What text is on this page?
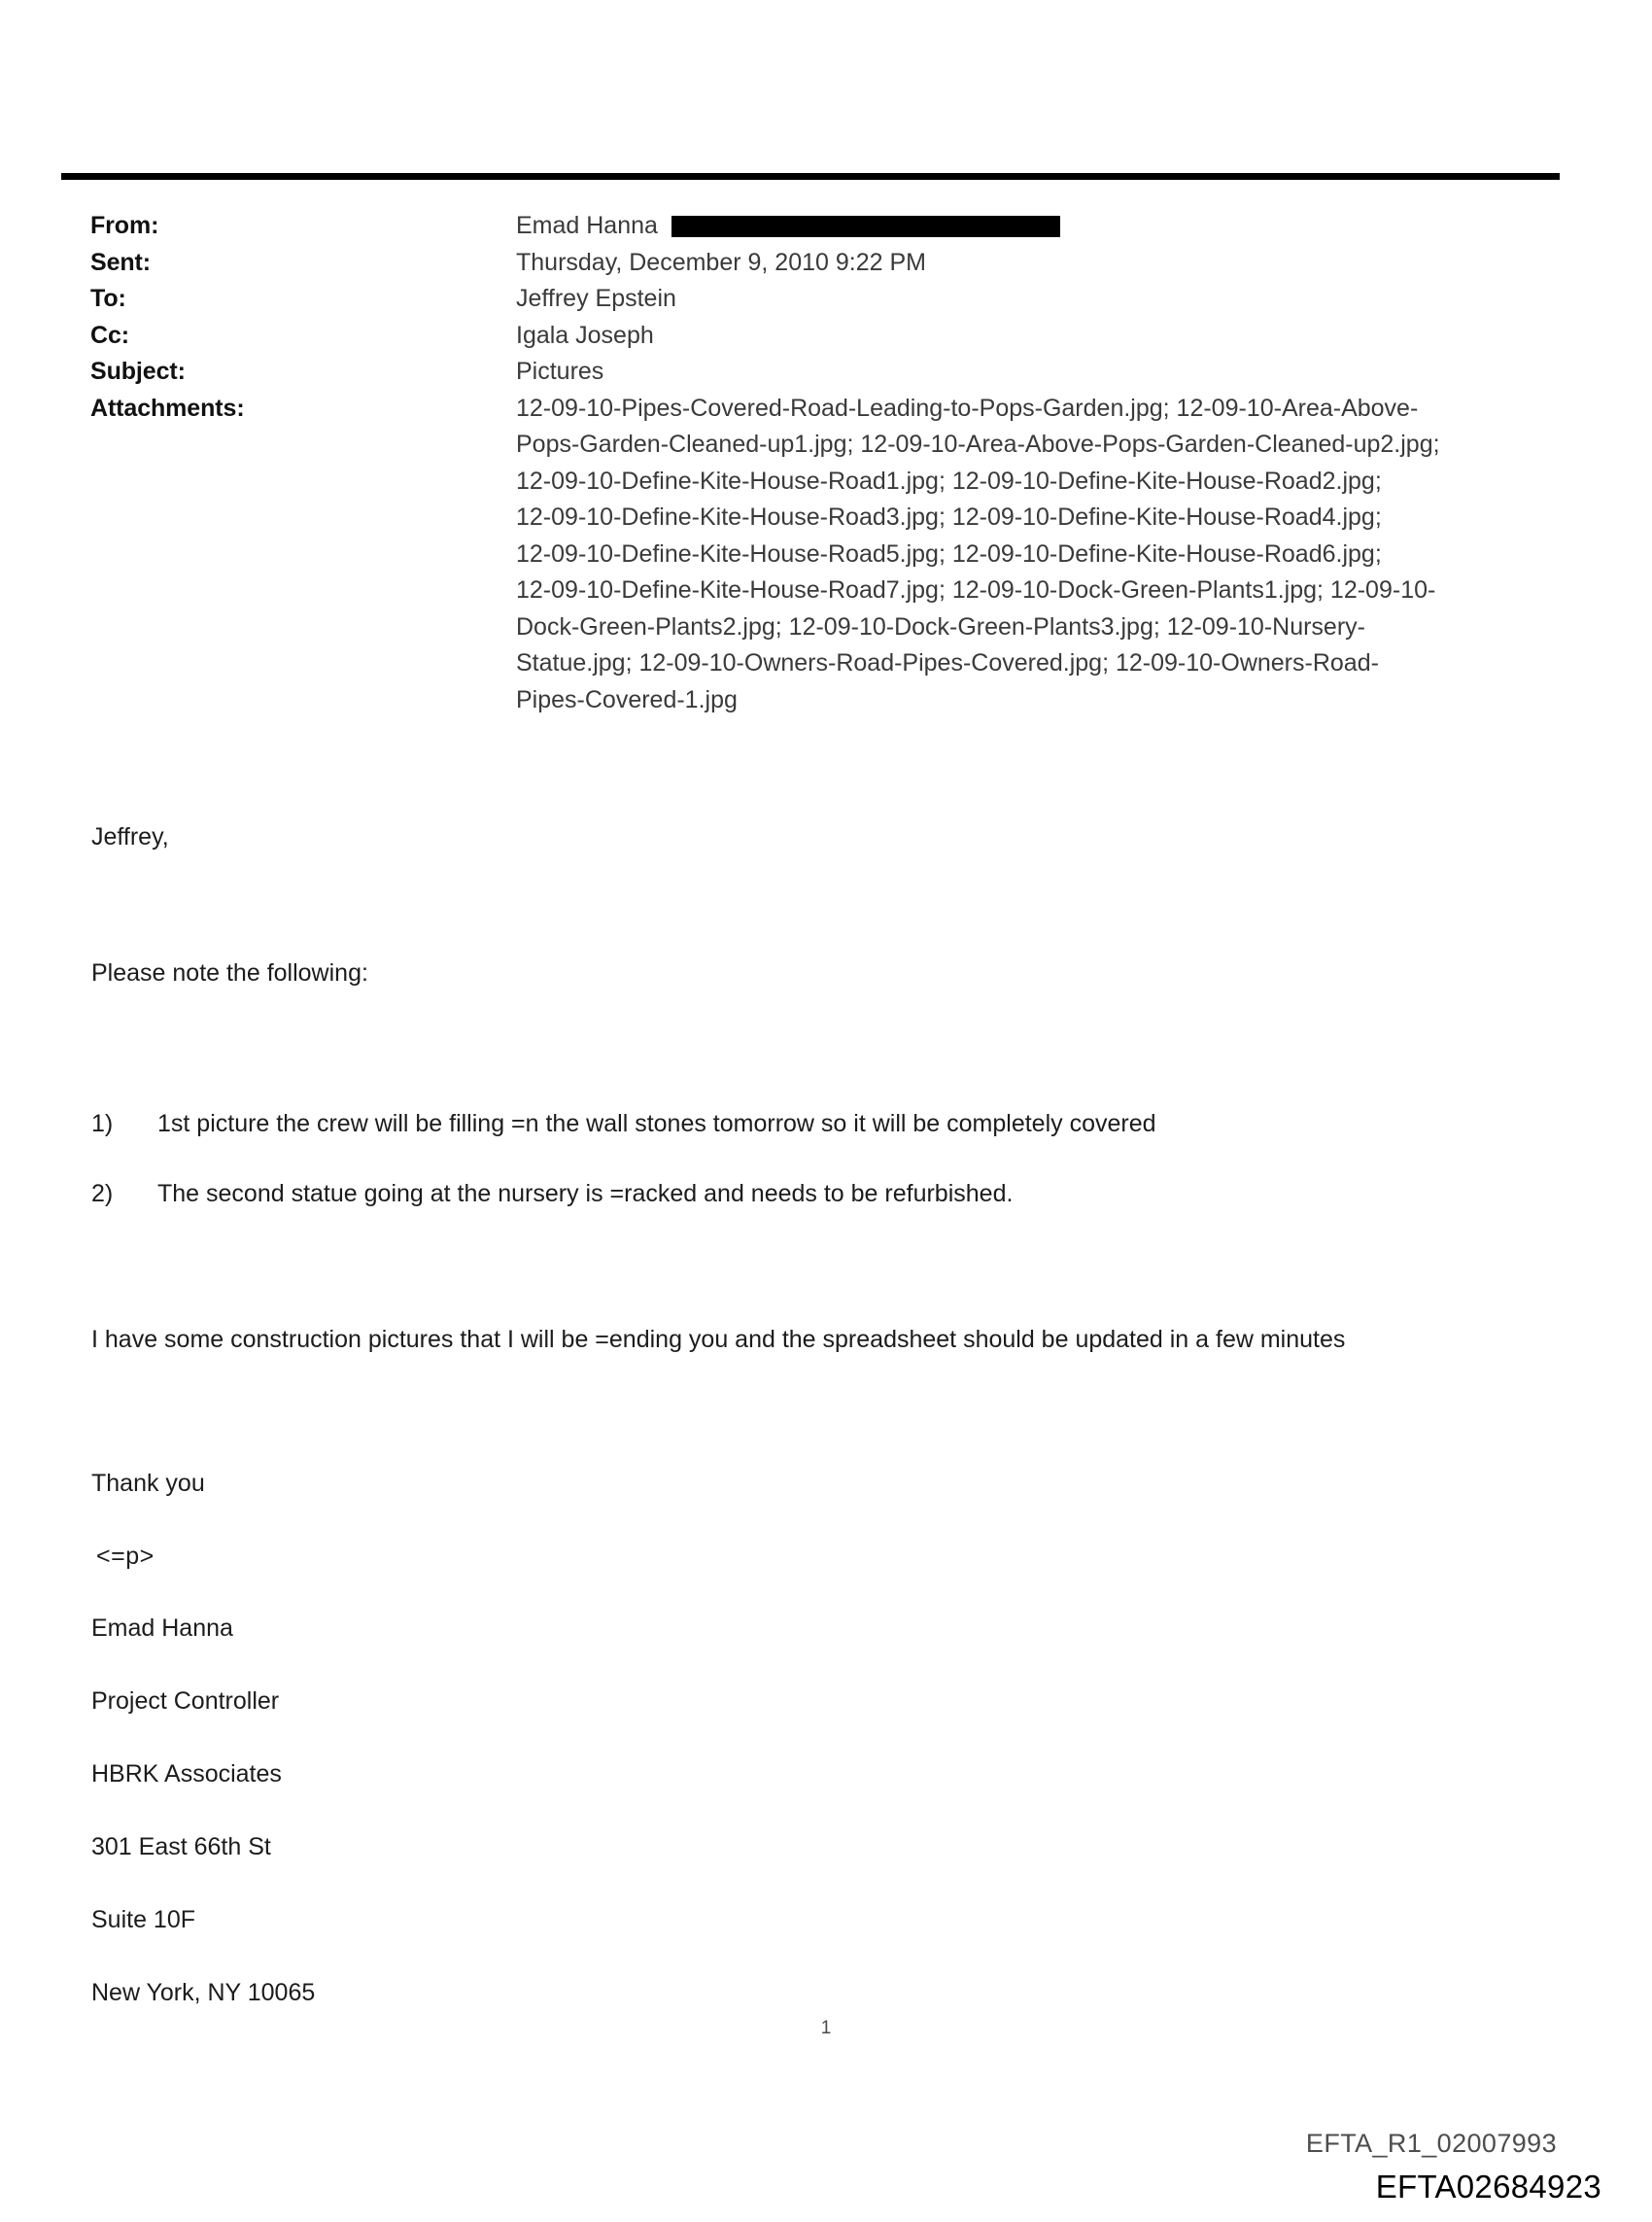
From:	Emad Hanna
Sent:	Thursday, December 9, 2010 9:22 PM
To:	Jeffrey Epstein
Cc:	Igala Joseph
Subject:	Pictures
Attachments:	12-09-10-Pipes-Covered-Road-Leading-to-Pops-Garden.jpg; 12-09-10-Area-Above-
Pops-Garden-Cleaned-up1.jpg; 12-09-10-Area-Above-Pops-Garden-Cleaned-up2.jpg;
12-09-10-Define-Kite-House-Road1.jpg; 12-09-10-Define-Kite-House-Road2.jpg;
12-09-10-Define-Kite-House-Road3.jpg; 12-09-10-Define-Kite-House-Road4.jpg;
12-09-10-Define-Kite-House-Road5.jpg; 12-09-10-Define-Kite-House-Road6.jpg;
12-09-10-Define-Kite-House-Road7.jpg; 12-09-10-Dock-Green-Plants1.jpg; 12-09-10-
Dock-Green-Plants2.jpg; 12-09-10-Dock-Green-Plants3.jpg; 12-09-10-Nursery-
Statue.jpg; 12-09-10-Owners-Road-Pipes-Covered.jpg; 12-09-10-Owners-Road-
Pipes-Covered-1.jpg
Jeffrey,
Please note the following:
1)	1st picture the crew will be filling =n the wall stones tomorrow so it will be completely covered
2)	The second statue going at the nursery is =racked and needs to be refurbished.
I have some construction pictures that I will be =ending you and the spreadsheet should be updated in a few minutes
Thank you
<=p>
Emad Hanna
Project Controller
HBRK Associates
301 East 66th St
Suite 10F
New York, NY 10065
1
EFTA_R1_02007993
EFTA02684923
